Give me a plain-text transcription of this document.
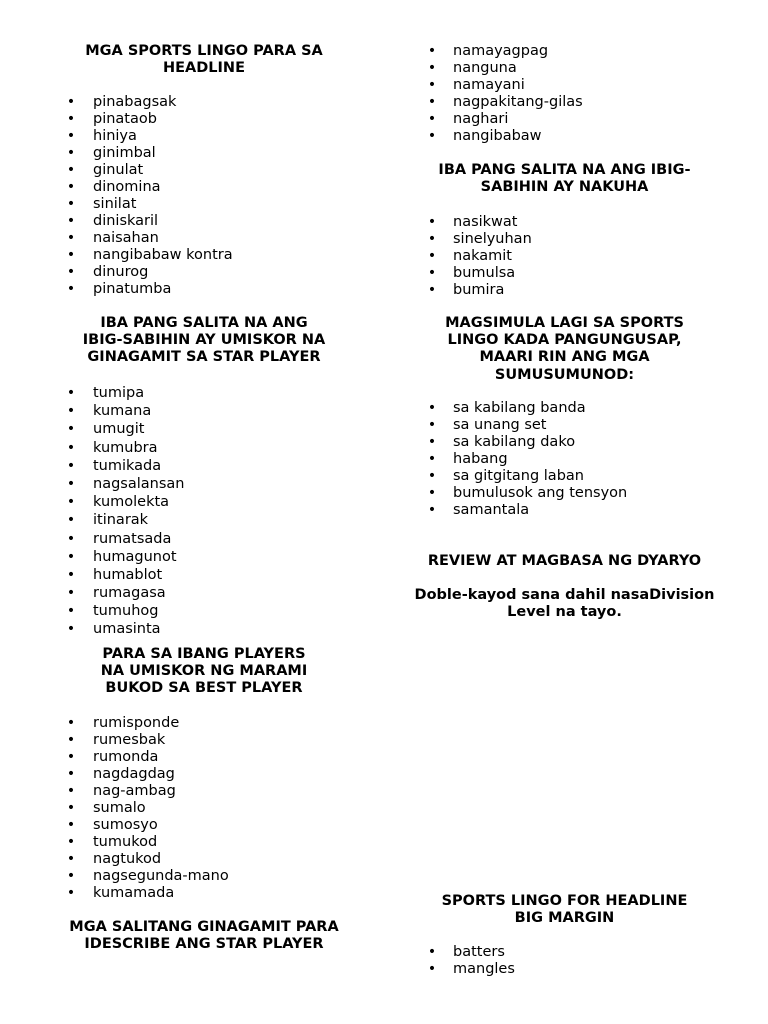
MGA SPORTS LINGO PARA SA
HEADLINE
• pinabagsak
• pinataob
• hiniya
• ginimbal
• ginulat
• dinomina
• sinilat
• diniskaril
• naisahan
• nangibabaw kontra
• dinurog
• pinatumba
IBA PANG SALITA NA ANG
IBIG-SABIHIN AY UMISKOR NA
GINAGAMIT SA STAR PLAYER
• tumipa
• kumana
• umugit
• kumubra
• tumikada
• nagsalansan
• kumolekta
• itinarak
• rumatsada
• humagunot
• humablot
• rumagasa
• tumuhog
• umasinta
PARA SA IBANG PLAYERS
NA UMISKOR NG MARAMI
BUKOD SA BEST PLAYER
• rumisponde
• rumesbak
• rumonda
• nagdagdag
• nag-ambag
• sumalo
• sumosyo
• tumukod
• nagtukod
• nagsegunda-mano
• kumamada
MGA SALITANG GINAGAMIT PARA
IDESCRIBE ANG STAR PLAYER
• namayagpag
• nanguna
• namayani
• nagpakitang-gilas
• naghari
• nangibabaw
IBA PANG SALITA NA ANG IBIG-
SABIHIN AY NAKUHA
• nasikwat
• sinelyuhan
• nakamit
• bumulsa
• bumira
MAGSIMULA LAGI SA SPORTS
LINGO KADA PANGUNGUSAP,
MAARI RIN ANG MGA
SUMUSUMUNOD:
• sa kabilang banda
• sa unang set
• sa kabilang dako
• habang
• sa gitgitang laban
• bumulusok ang tensyon
• samantala
REVIEW AT MAGBASA NG DYARYO
Doble-kayod sana dahil nasaDivision Level na tayo.
SPORTS LINGO FOR HEADLINE
BIG MARGIN
• batters
• mangles
